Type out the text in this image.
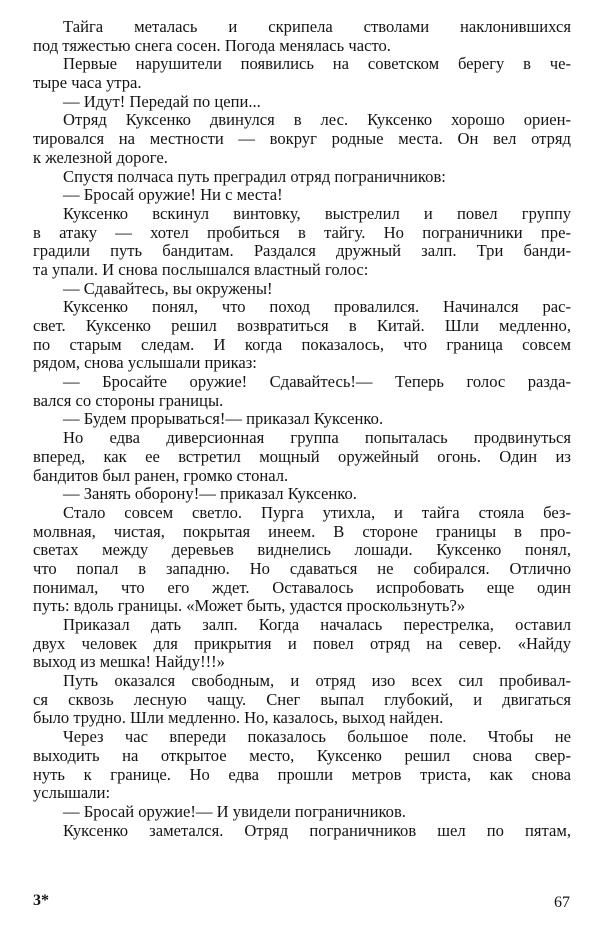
Тайга металась и скрипела стволами наклонившихся
под тяжестью снега сосен. Погода менялась часто.
Первые нарушители появились на советском берегу в че-
тыре часа утра.
— Идут! Передай по цепи...
Отряд Куксенко двинулся в лес. Куксенко хорошо ориен-
тировался на местности — вокруг родные места. Он вел отряд
к железной дороге.
Спустя полчаса путь преградил отряд пограничников:
— Бросай оружие! Ни с места!
Куксенко вскинул винтовку, выстрелил и повел группу
в атаку — хотел пробиться в тайгу. Но пограничники пре-
градили путь бандитам. Раздался дружный залп. Три банди-
та упали. И снова послышался властный голос:
— Сдавайтесь, вы окружены!
Куксенко понял, что поход провалился. Начинался рас-
свет. Куксенко решил возвратиться в Китай. Шли медленно,
по старым следам. И когда показалось, что граница совсем
рядом, снова услышали приказ:
— Бросайте оружие! Сдавайтесь!— Теперь голос разда-
вался со стороны границы.
— Будем прорываться!— приказал Куксенко.
Но едва диверсионная группа попыталась продвинуться
вперед, как ее встретил мощный оружейный огонь. Один из
бандитов был ранен, громко стонал.
— Занять оборону!— приказал Куксенко.
Стало совсем светло. Пурга утихла, и тайга стояла без-
молвная, чистая, покрытая инеем. В стороне границы в про-
светах между деревьев виднелись лошади. Куксенко понял,
что попал в западню. Но сдаваться не собирался. Отлично
понимал, что его ждет. Оставалось испробовать еще один
путь: вдоль границы. «Может быть, удастся проскользнуть?»
Приказал дать залп. Когда началась перестрелка, оставил
двух человек для прикрытия и повел отряд на север. «Найду
выход из мешка! Найду!!!»
Путь оказался свободным, и отряд изо всех сил пробивал-
ся сквозь лесную чащу. Снег выпал глубокий, и двигаться
было трудно. Шли медленно. Но, казалось, выход найден.
Через час впереди показалось большое поле. Чтобы не
выходить на открытое место, Куксенко решил снова свер-
нуть к границе. Но едва прошли метров триста, как снова
услышали:
— Бросай оружие!— И увидели пограничников.
Куксенко заметался. Отряд пограничников шел по пятам,
3*	67
